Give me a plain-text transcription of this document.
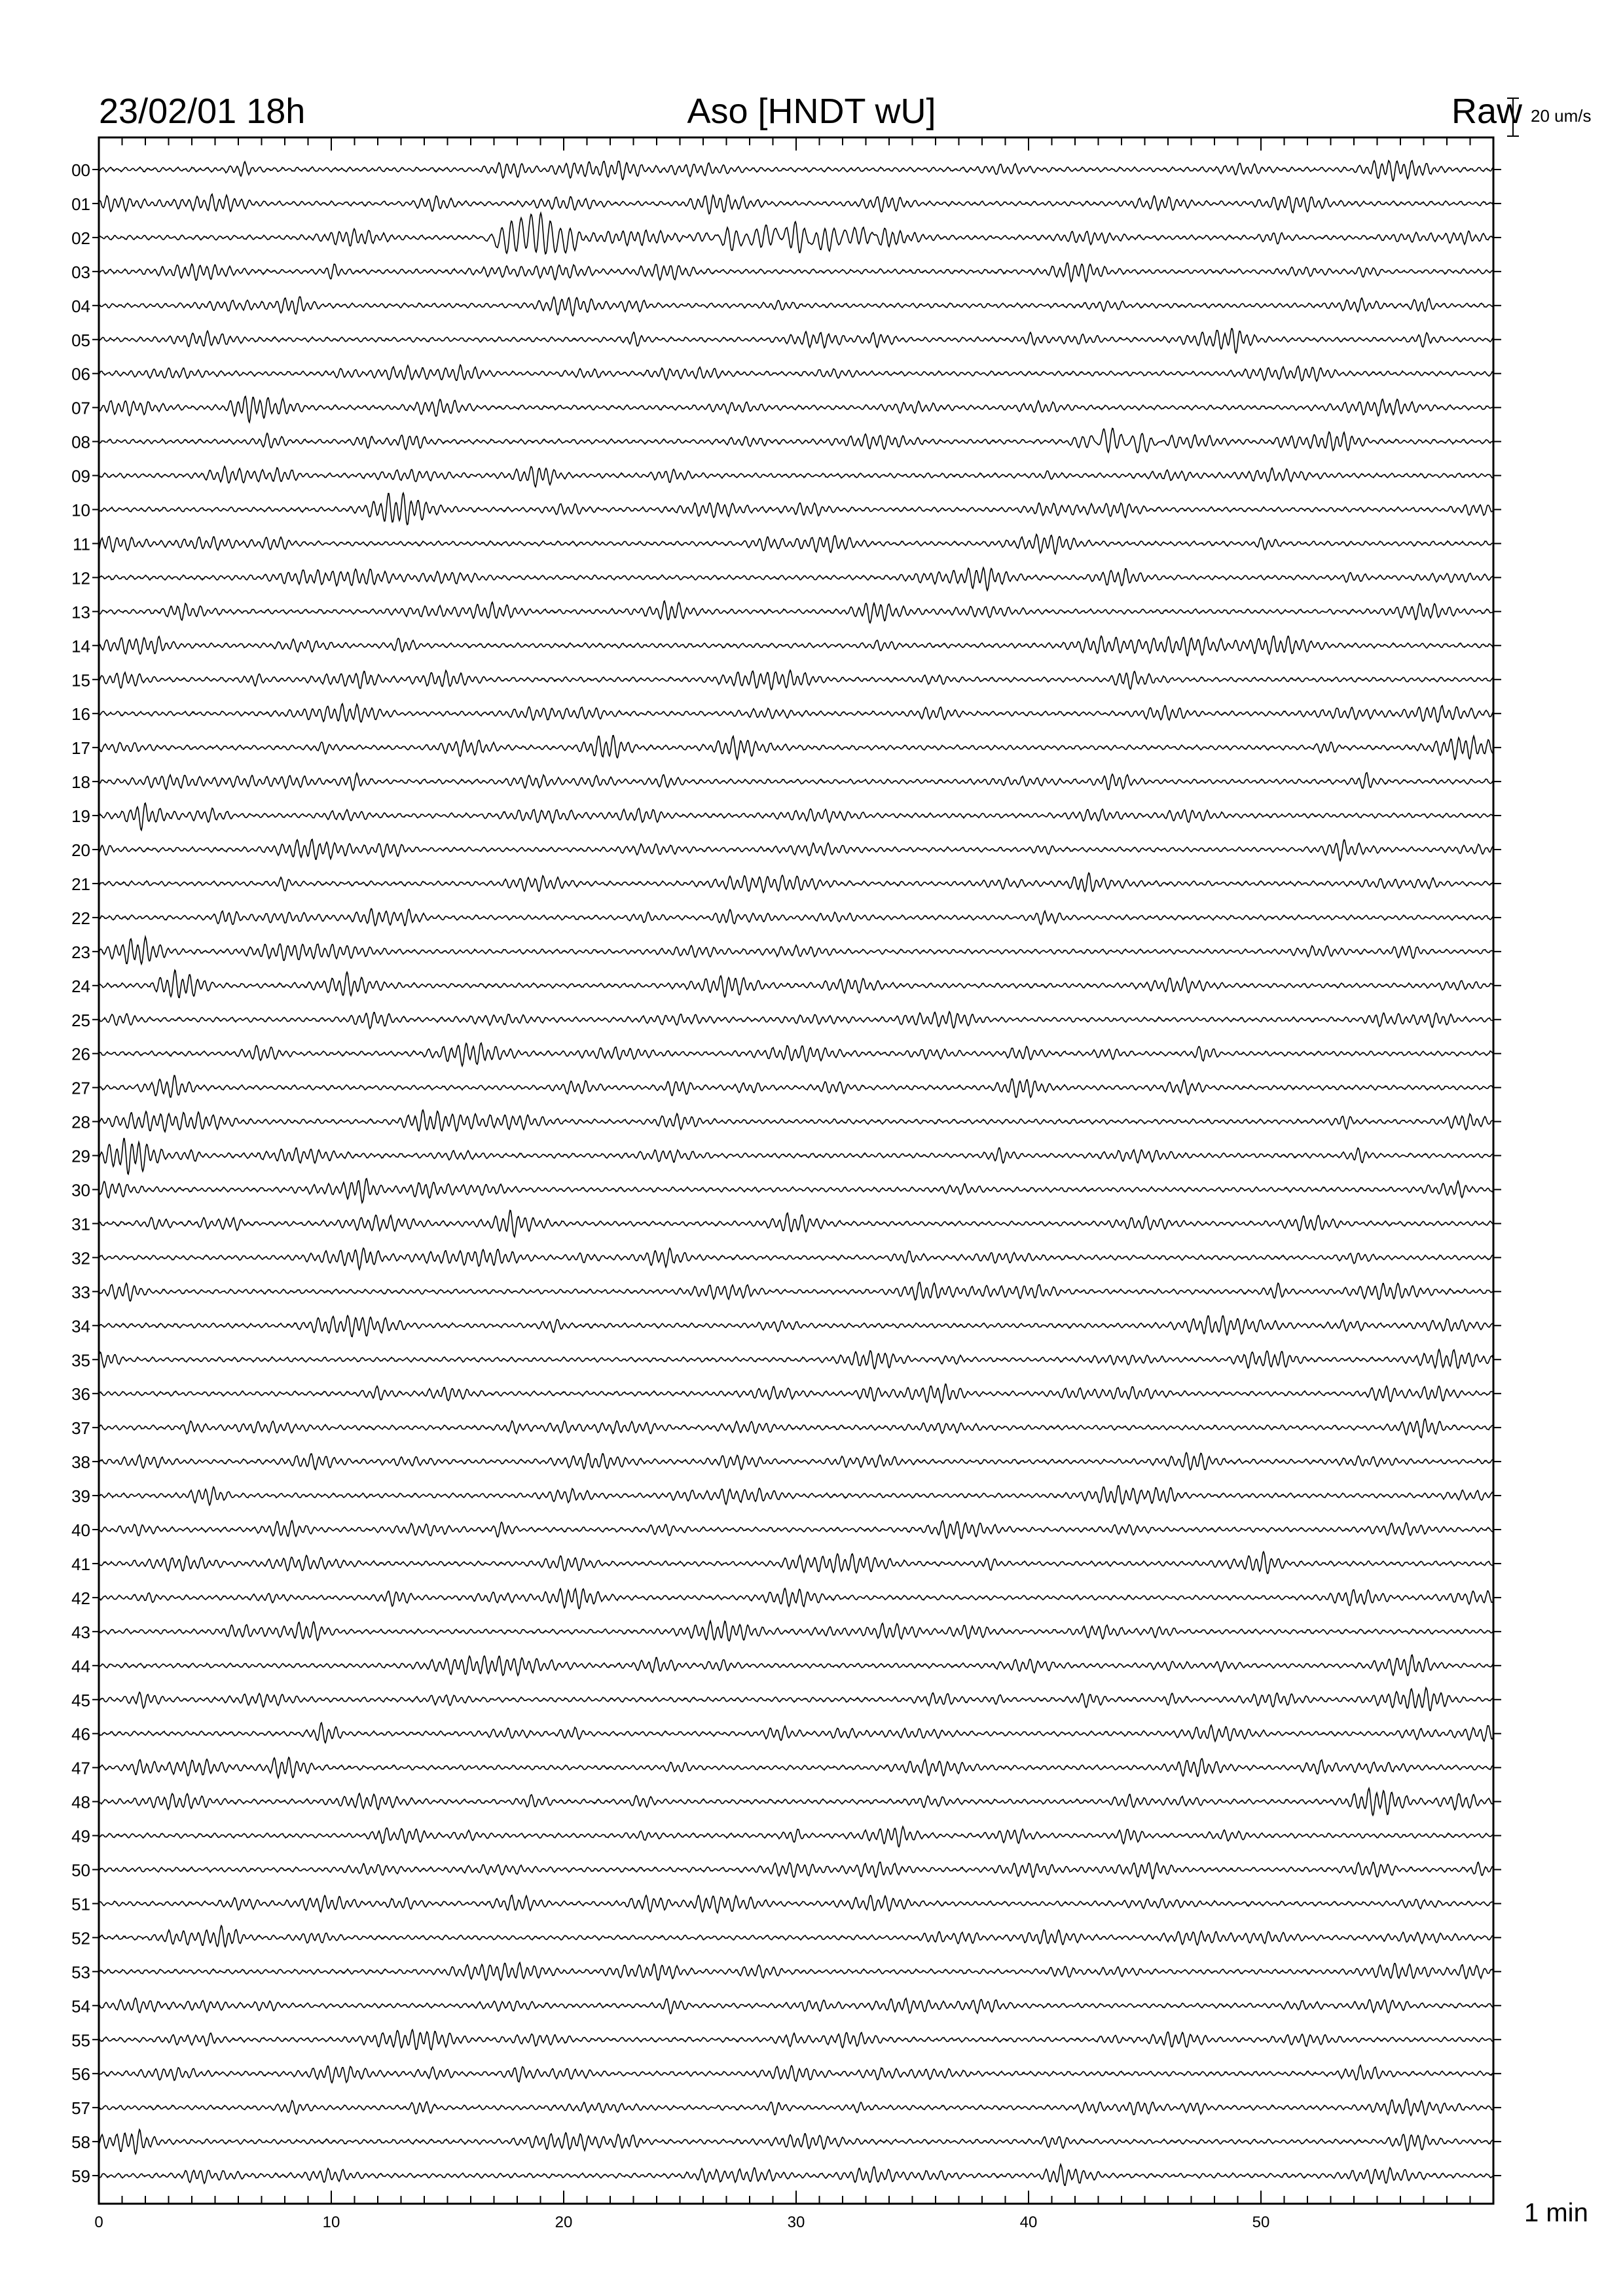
00
01
02
03
04
05
06
07
08
09
10
11
12
13
14
15
16
17
18
19
20
21
22
23
24
25
26
27
28
29
30
31
32
33
34
35
36
37
38
39
40
41
42
43
44
45
46
47
48
49
50
51
52
53
54
55
56
57
58
59
0	10	20	30	40	50
23/02/01 18h	Aso [HNDT wU]	Raw 20 um/s
1 min
